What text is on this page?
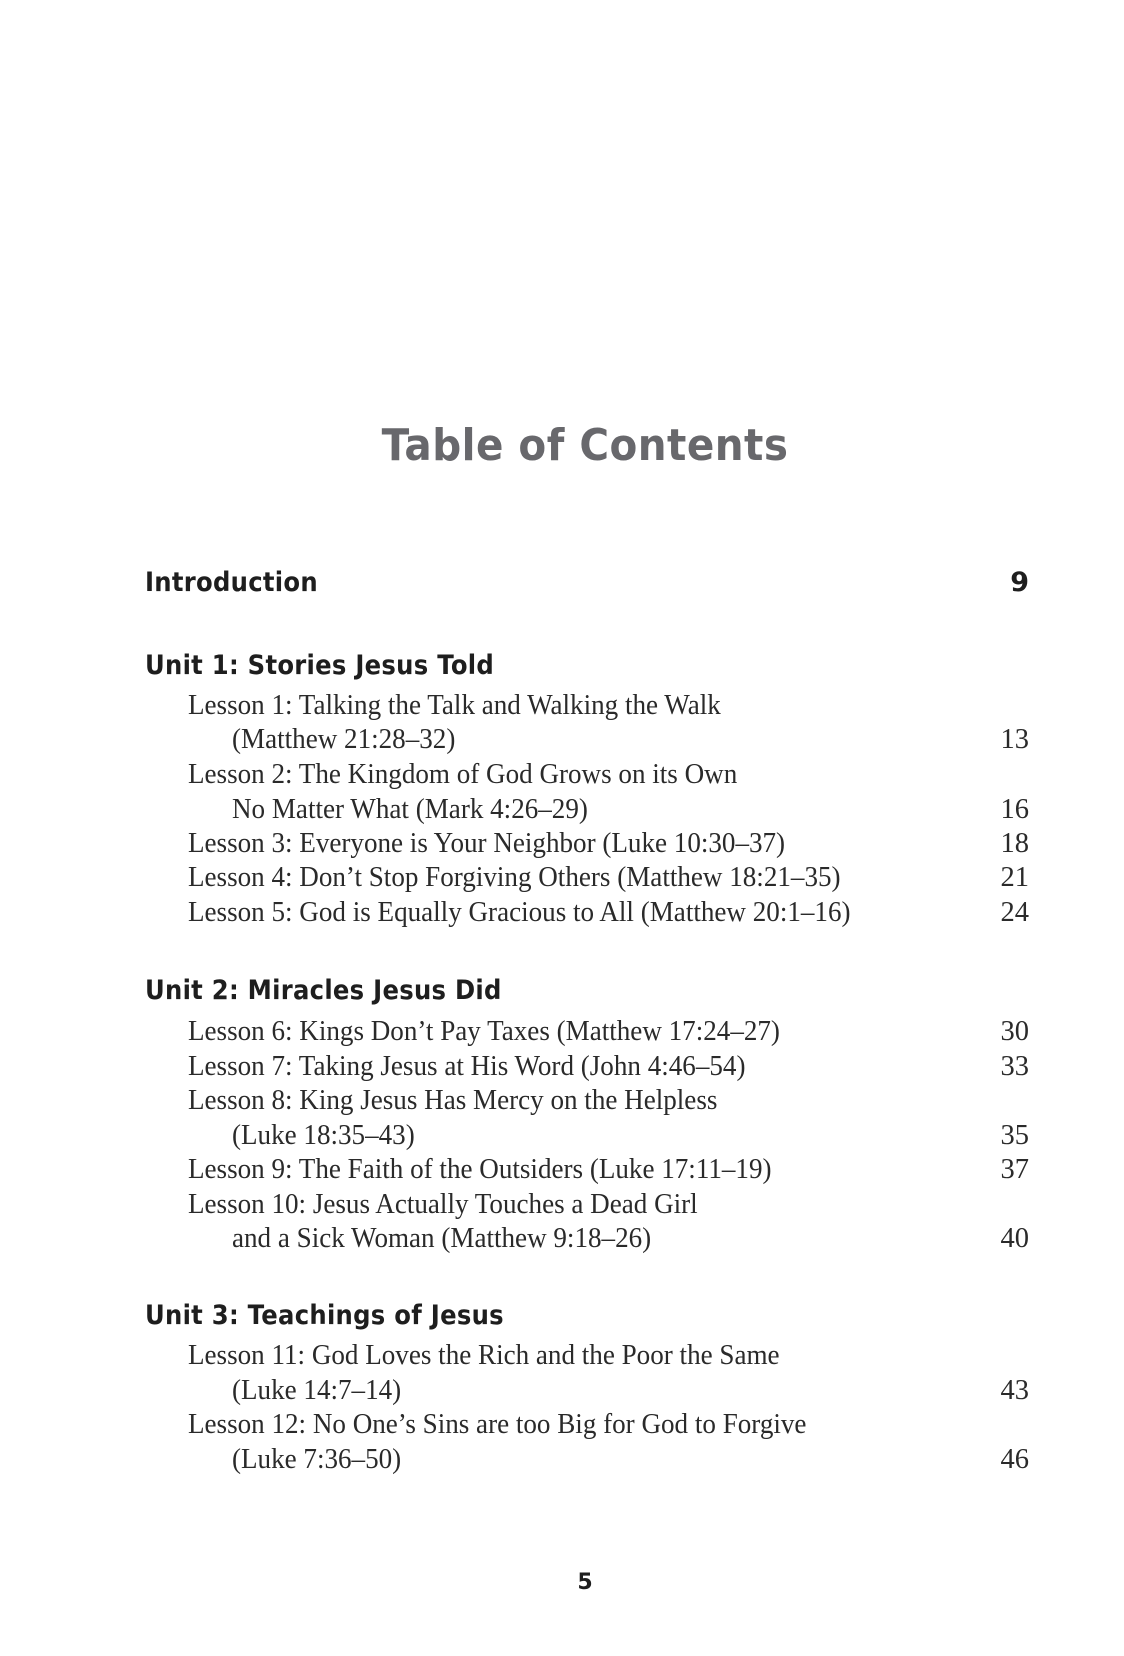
Table of Contents
Introduction	9
Unit 1: Stories Jesus Told
Lesson 1: Talking the Talk and Walking the Walk
(Matthew 21:28–32)	13
Lesson 2: The Kingdom of God Grows on its Own
No Matter What (Mark 4:26–29)	16
Lesson 3: Everyone is Your Neighbor (Luke 10:30–37)	18
Lesson 4: Don’t Stop Forgiving Others (Matthew 18:21–35)	21
Lesson 5: God is Equally Gracious to All (Matthew 20:1–16)	24
Unit 2: Miracles Jesus Did
Lesson 6: Kings Don’t Pay Taxes (Matthew 17:24–27)	30
Lesson 7: Taking Jesus at His Word (John 4:46–54)	33
Lesson 8: King Jesus Has Mercy on the Helpless
(Luke 18:35–43)	35
Lesson 9: The Faith of the Outsiders (Luke 17:11–19)	37
Lesson 10: Jesus Actually Touches a Dead Girl
and a Sick Woman (Matthew 9:18–26)	40
Unit 3: Teachings of Jesus
Lesson 11: God Loves the Rich and the Poor the Same
(Luke 14:7–14)	43
Lesson 12: No One’s Sins are too Big for God to Forgive
(Luke 7:36–50)	46
5
